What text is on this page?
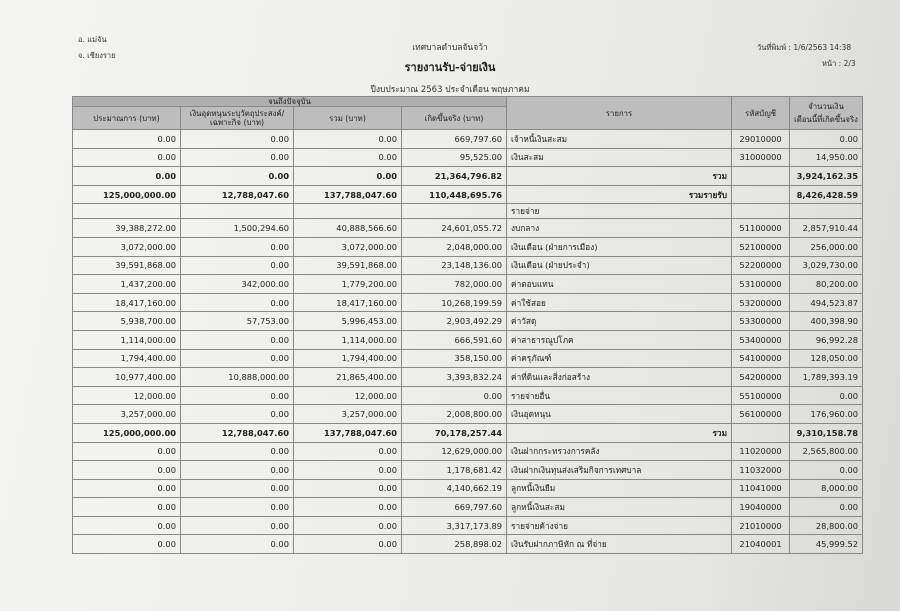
อ. แม่จัน
จ. เชียงราย
เทศบาลตำบลจันจว้า	วันที่พิมพ์ : 1/6/2563 14:38
หน้า : 2/3
รายงานรับ-จ่ายเงิน
ปีงบประมาณ 2563 ประจำเดือน พฤษภาคม
จนถึงปัจจุบัน				รายการ	รหัสบัญชี	จำนวนเงิน
เดือนนี้ที่เกิดขึ้นจริง

ประมาณการ (บาท)	เงินอุดหนุนระบุวัตถุประสงค์/เฉพาะกิจ (บาท)	รวม (บาท)	เกิดขึ้นจริง (บาท)			
0.00	0.00	0.00	669,797.60	เจ้าหนี้เงินสะสม	29010000	0.00
0.00	0.00	0.00	95,525.00	เงินสะสม	31000000	14,950.00
0.00	0.00	0.00	21,364,796.82	รวม		3,924,162.35
125,000,000.00	12,788,047.60	137,788,047.60	110,448,695.76	รวมรายรับ		8,426,428.59
				รายจ่าย		
39,388,272.00	1,500,294.60	40,888,566.60	24,601,055.72	งบกลาง	51100000	2,857,910.44
3,072,000.00	0.00	3,072,000.00	2,048,000.00	เงินเดือน (ฝ่ายการเมือง)	52100000	256,000.00
39,591,868.00	0.00	39,591,868.00	23,148,136.00	เงินเดือน (ฝ่ายประจำ)	52200000	3,029,730.00
1,437,200.00	342,000.00	1,779,200.00	782,000.00	ค่าตอบแทน	53100000	80,200.00
18,417,160.00	0.00	18,417,160.00	10,268,199.59	ค่าใช้สอย	53200000	494,523.87
5,938,700.00	57,753.00	5,996,453.00	2,903,492.29	ค่าวัสดุ	53300000	400,398.90
1,114,000.00	0.00	1,114,000.00	666,591.60	ค่าสาธารณูปโภค	53400000	96,992.28
1,794,400.00	0.00	1,794,400.00	358,150.00	ค่าครุภัณฑ์	54100000	128,050.00
10,977,400.00	10,888,000.00	21,865,400.00	3,393,832.24	ค่าที่ดินและสิ่งก่อสร้าง	54200000	1,789,393.19
12,000.00	0.00	12,000.00	0.00	รายจ่ายอื่น	55100000	0.00
3,257,000.00	0.00	3,257,000.00	2,008,800.00	เงินอุดหนุน	56100000	176,960.00
125,000,000.00	12,788,047.60	137,788,047.60	70,178,257.44	รวม		9,310,158.78
0.00	0.00	0.00	12,629,000.00	เงินฝากกระทรวงการคลัง	11020000	2,565,800.00
0.00	0.00	0.00	1,178,681.42	เงินฝากเงินทุนส่งเสริมกิจการเทศบาล	11032000	0.00
0.00	0.00	0.00	4,140,662.19	ลูกหนี้เงินยืม	11041000	8,000.00
0.00	0.00	0.00	669,797.60	ลูกหนี้เงินสะสม	19040000	0.00
0.00	0.00	0.00	3,317,173.89	รายจ่ายค้างจ่าย	21010000	28,800.00
0.00	0.00	0.00	258,898.02	เงินรับฝากภาษีหัก ณ ที่จ่าย	21040001	45,999.52
